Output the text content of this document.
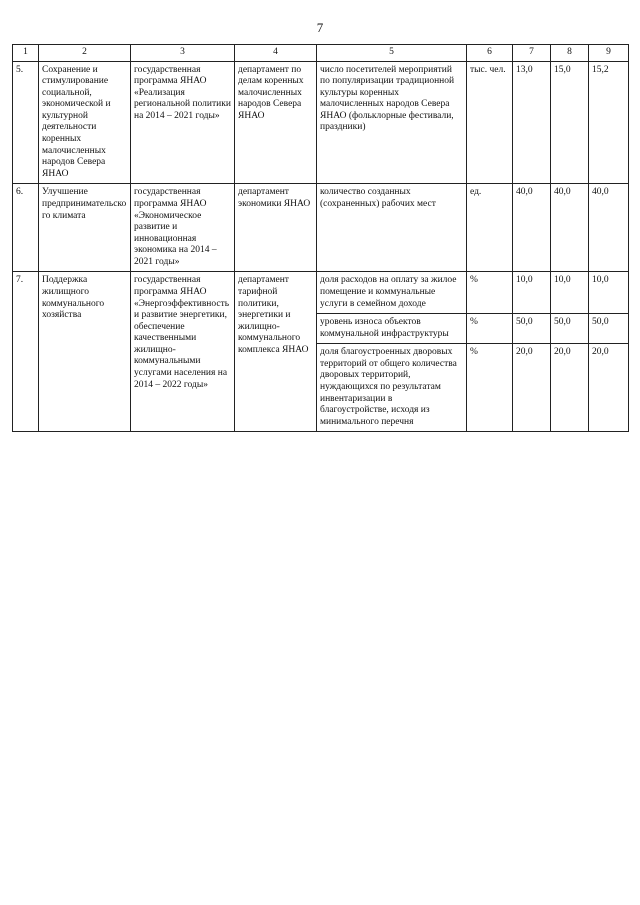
7
1	2	3	4	5	6	7	8	9
5.	Сохранение и стимулирование социальной, экономической и культурной деятельности коренных малочисленных народов Севера ЯНАО	государственная программа ЯНАО «Реализация региональной политики на 2014 – 2021 годы»	департамент по делам коренных малочисленных народов Севера ЯНАО	число посетителей мероприятий по популяризации традиционной культуры коренных малочисленных народов Севера ЯНАО (фольклорные фестивали, праздники)	тыс. чел.	13,0	15,0	15,2
6.	Улучшение предпринимательского климата	государственная программа ЯНАО «Экономическое развитие и инновационная экономика на 2014 – 2021 годы»	департамент экономики ЯНАО	количество созданных (сохраненных) рабочих мест	ед.	40,0	40,0	40,0
7.	Поддержка жилищного коммунального хозяйства	государственная программа ЯНАО «Энергоэффективность и развитие энергетики, обеспечение качественными жилищно-коммунальными услугами населения на 2014 – 2022 годы»	департамент тарифной политики, энергетики и жилищно-коммунального комплекса ЯНАО	доля расходов на оплату за жилое помещение и коммунальные услуги в семейном доходе	%	10,0	10,0	10,0
				уровень износа объектов коммунальной инфраструктуры	%	50,0	50,0	50,0
				доля благоустроенных дворовых территорий от общего количества дворовых территорий, нуждающихся по результатам инвентаризации в благоустройстве, исходя из минимального перечня	%	20,0	20,0	20,0
